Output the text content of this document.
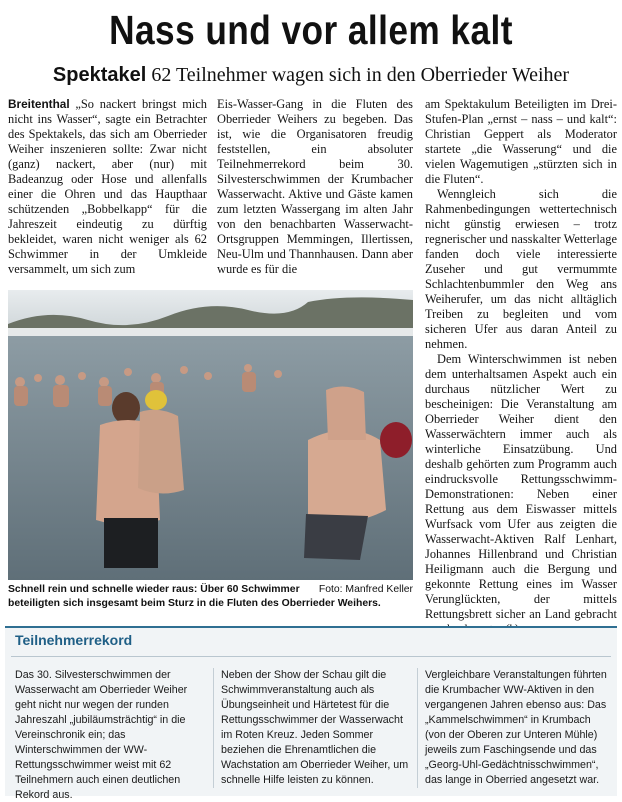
Nass und vor allem kalt
Spektakel 62 Teilnehmer wagen sich in den Oberrieder Weiher

Breitenthal „So nackert bringst mich nicht ins Wasser“, sagte ein Betrachter des Spektakels, das sich am Oberrieder Weiher inszenieren sollte: Zwar nicht (ganz) nackert, aber (nur) mit Badeanzug oder Hose und allenfalls einer die Ohren und das Haupthaar schützenden „Bobbelkapp“ für die Jahreszeit eindeutig zu dürftig bekleidet, waren nicht weniger als 62 Schwimmer in der Umkleide versammelt, um sich zum

Eis-Wasser-Gang in die Fluten des Oberrieder Weihers zu begeben. Das ist, wie die Organisatoren freudig feststellen, ein absoluter Teilnehmerrekord beim 30. Silvesterschwimmen der Krumbacher Wasserwacht. Aktive und Gäste kamen zum letzten Wassergang im alten Jahr von den benachbarten Wasserwacht-Ortsgruppen Memmingen, Illertissen, Neu-Ulm und Thannhausen. Dann aber wurde es für die

am Spektakulum Beteiligten im Drei-Stufen-Plan „ernst – nass – und kalt“: Christian Geppert als Moderator startete „die Wasserung“ und die vielen Wagemutigen „stürzten sich in die Fluten“.

Wenngleich sich die Rahmenbedingungen wettertechnisch nicht günstig erwiesen – trotz regnerischer und nasskalter Wetterlage fanden doch viele interessierte Zuseher und gut vermummte Schlachtenbummler den Weg ans Weiherufer, um das nicht alltäglich Treiben zu begleiten und vom sicheren Ufer aus daran Anteil zu nehmen.

Dem Winterschwimmen ist neben dem unterhaltsamen Aspekt auch ein durchaus nützlicher Wert zu bescheinigen: Die Veranstaltung am Oberrieder Weiher dient den Wasserwächtern immer auch als winterliche Einsatzübung. Und deshalb gehörten zum Programm auch eindrucksvolle Rettungsschwimm-Demonstrationen: Neben einer Rettung aus dem Eiswasser mittels Wurfsack vom Ufer aus zeigten die Wasserwacht-Aktiven Ralf Lenhart, Johannes Hillenbrand und Christian Heiligmann auch die Bergung und gekonnte Rettung eines im Wasser Verunglückten, der mittels Rettungsbrett sicher an Land gebracht

Foto: Manfred Keller
Schnell rein und schnelle wieder raus: Über 60 Schwimmer beteiligten sich insgesamt beim Sturz in die Fluten des Oberrieder Weihers.
Teilnehmerrekord
Das 30. Silvesterschwimmen der Wasserwacht am Oberrieder Weiher geht nicht nur wegen der runden Jahreszahl „jubiläumsträchtig“ in die Vereinschronik ein; das Winterschwimmen der WW-Rettungsschwimmer weist mit 62 Teilnehmern auch einen deutlichen Rekord aus.
Neben der Show der Schau gilt die Schwimmveranstaltung auch als Übungseinheit und Härtetest für die Rettungsschwimmer der Wasserwacht im Roten Kreuz. Jeden Sommer beziehen die Ehrenamtlichen die Wachstation am Oberrieder Weiher, um schnelle Hilfe leisten zu können.
Vergleichbare Veranstaltungen führten die Krumbacher WW-Aktiven in den vergangenen Jahren ebenso aus: Das „Kammelschwimmen“ in Krumbach (von der Oberen zur Unteren Mühle) jeweils zum Faschingsende und das „Georg-Uhl-Gedächtnisschwimmen“, das lange in Oberried angesetzt war.
